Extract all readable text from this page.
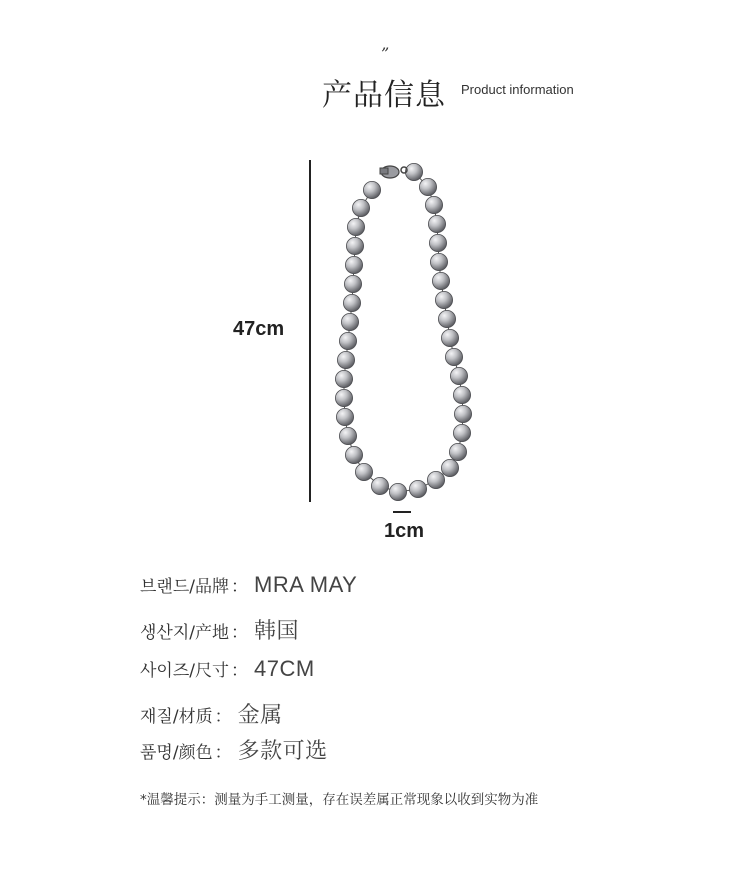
”
产品信息 Product information
47cm
1cm
브랜드/品牌 ： MRA MAY
생산지/产地 ： 韩国
사이즈/尺寸 ： 47CM
재질/材质 ： 金属
품명/颜色 ： 多款可选
*温馨提示：测量为手工测量，存在误差属正常现象以收到实物为准
